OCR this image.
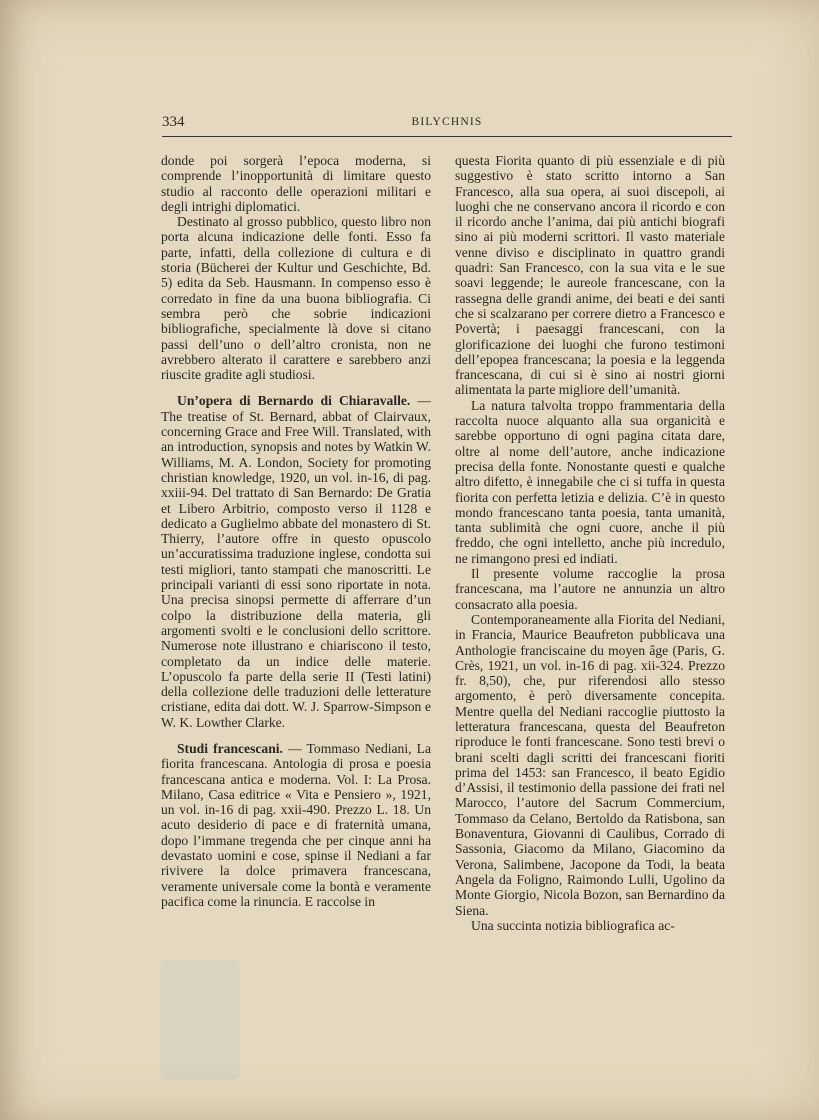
334	BILYCHNIS

donde poi sorgerà l’epoca moderna, si comprende l’inopportunità di limitare questo studio al racconto delle operazioni militari e degli intrighi diplomatici.

Destinato al grosso pubblico, questo libro non porta alcuna indicazione delle fonti. Esso fa parte, infatti, della collezione di cultura e di storia (Bücherei der Kultur und Geschichte, Bd. 5) edita da Seb. Hausmann. In compenso esso è corredato in fine da una buona bibliografia. Ci sembra però che sobrie indicazioni bibliografiche, specialmente là dove si citano passi dell’uno o dell’altro cronista, non ne avrebbero alterato il carattere e sarebbero anzi riuscite gradite agli studiosi.

Un’opera di Bernardo di Chiaravalle. — The treatise of St. Bernard, abbat of Clairvaux, concerning Grace and Free Will. Translated, with an introduction, synopsis and notes by Watkin W. Williams, M. A. London, Society for promoting christian knowledge, 1920, un vol. in-16, di pag. xxiii-94. Del trattato di San Bernardo: De Gratia et Libero Arbitrio, composto verso il 1128 e dedicato a Guglielmo abbate del monastero di St. Thierry, l’autore offre in questo opuscolo un’accuratissima traduzione inglese, condotta sui testi migliori, tanto stampati che manoscritti. Le principali varianti di essi sono riportate in nota. Una precisa sinopsi permette di afferrare d’un colpo la distribuzione della materia, gli argomenti svolti e le conclusioni dello scrittore. Numerose note illustrano e chiariscono il testo, completato da un indice delle materie. L’opuscolo fa parte della serie II (Testi latini) della collezione delle traduzioni delle letterature cristiane, edita dai dott. W. J. Sparrow-Simpson e W. K. Lowther Clarke.

Studi francescani. — Tommaso Nediani, La fiorita francescana. Antologia di prosa e poesia francescana antica e moderna. Vol. I: La Prosa. Milano, Casa editrice « Vita e Pensiero », 1921, un vol. in-16 di pag. xxii-490. Prezzo L. 18. Un acuto desiderio di pace e di fraternità umana, dopo l’immane tregenda che per cinque anni ha devastato uomini e cose, spinse il Nediani a far rivivere la dolce primavera francescana, veramente universale come la bontà e veramente pacifica come la rinuncia. E raccolse in

questa Fiorita quanto di più essenziale e di più suggestivo è stato scritto intorno a San Francesco, alla sua opera, ai suoi discepoli, ai luoghi che ne conservano ancora il ricordo e con il ricordo anche l’anima, dai più antichi biografi sino ai più moderni scrittori. Il vasto materiale venne diviso e disciplinato in quattro grandi quadri: San Francesco, con la sua vita e le sue soavi leggende; le aureole francescane, con la rassegna delle grandi anime, dei beati e dei santi che si scalzarano per correre dietro a Francesco e Povertà; i paesaggi francescani, con la glorificazione dei luoghi che furono testimoni dell’epopea francescana; la poesia e la leggenda francescana, di cui si è sino ai nostri giorni alimentata la parte migliore dell’umanità.

La natura talvolta troppo frammentaria della raccolta nuoce alquanto alla sua organicità e sarebbe opportuno di ogni pagina citata dare, oltre al nome dell’autore, anche indicazione precisa della fonte. Nonostante questi e qualche altro difetto, è innegabile che ci si tuffa in questa fiorita con perfetta letizia e delizia. C’è in questo mondo francescano tanta poesia, tanta umanità, tanta sublimità che ogni cuore, anche il più freddo, che ogni intelletto, anche più incredulo, ne rimangono presi ed indiati.

Il presente volume raccoglie la prosa francescana, ma l’autore ne annunzia un altro consacrato alla poesia.

Contemporaneamente alla Fiorita del Nediani, in Francia, Maurice Beaufreton pubblicava una Anthologie franciscaine du moyen âge (Paris, G. Crès, 1921, un vol. in-16 di pag. xii-324. Prezzo fr. 8,50), che, pur riferendosi allo stesso argomento, è però diversamente concepita. Mentre quella del Nediani raccoglie piuttosto la letteratura francescana, questa del Beaufreton riproduce le fonti francescane. Sono testi brevi o brani scelti dagli scritti dei francescani fioriti prima del 1453: san Francesco, il beato Egidio d’Assisi, il testimonio della passione dei frati nel Marocco, l’autore del Sacrum Commercium, Tommaso da Celano, Bertoldo da Ratisbona, san Bonaventura, Giovanni di Caulibus, Corrado di Sassonia, Giacomo da Milano, Giacomino da Verona, Salimbene, Jacopone da Todi, la beata Angela da Foligno, Raimondo Lulli, Ugolino da Monte Giorgio, Nicola Bozon, san Bernardino da Siena.

Una succinta notizia bibliografica ac-
